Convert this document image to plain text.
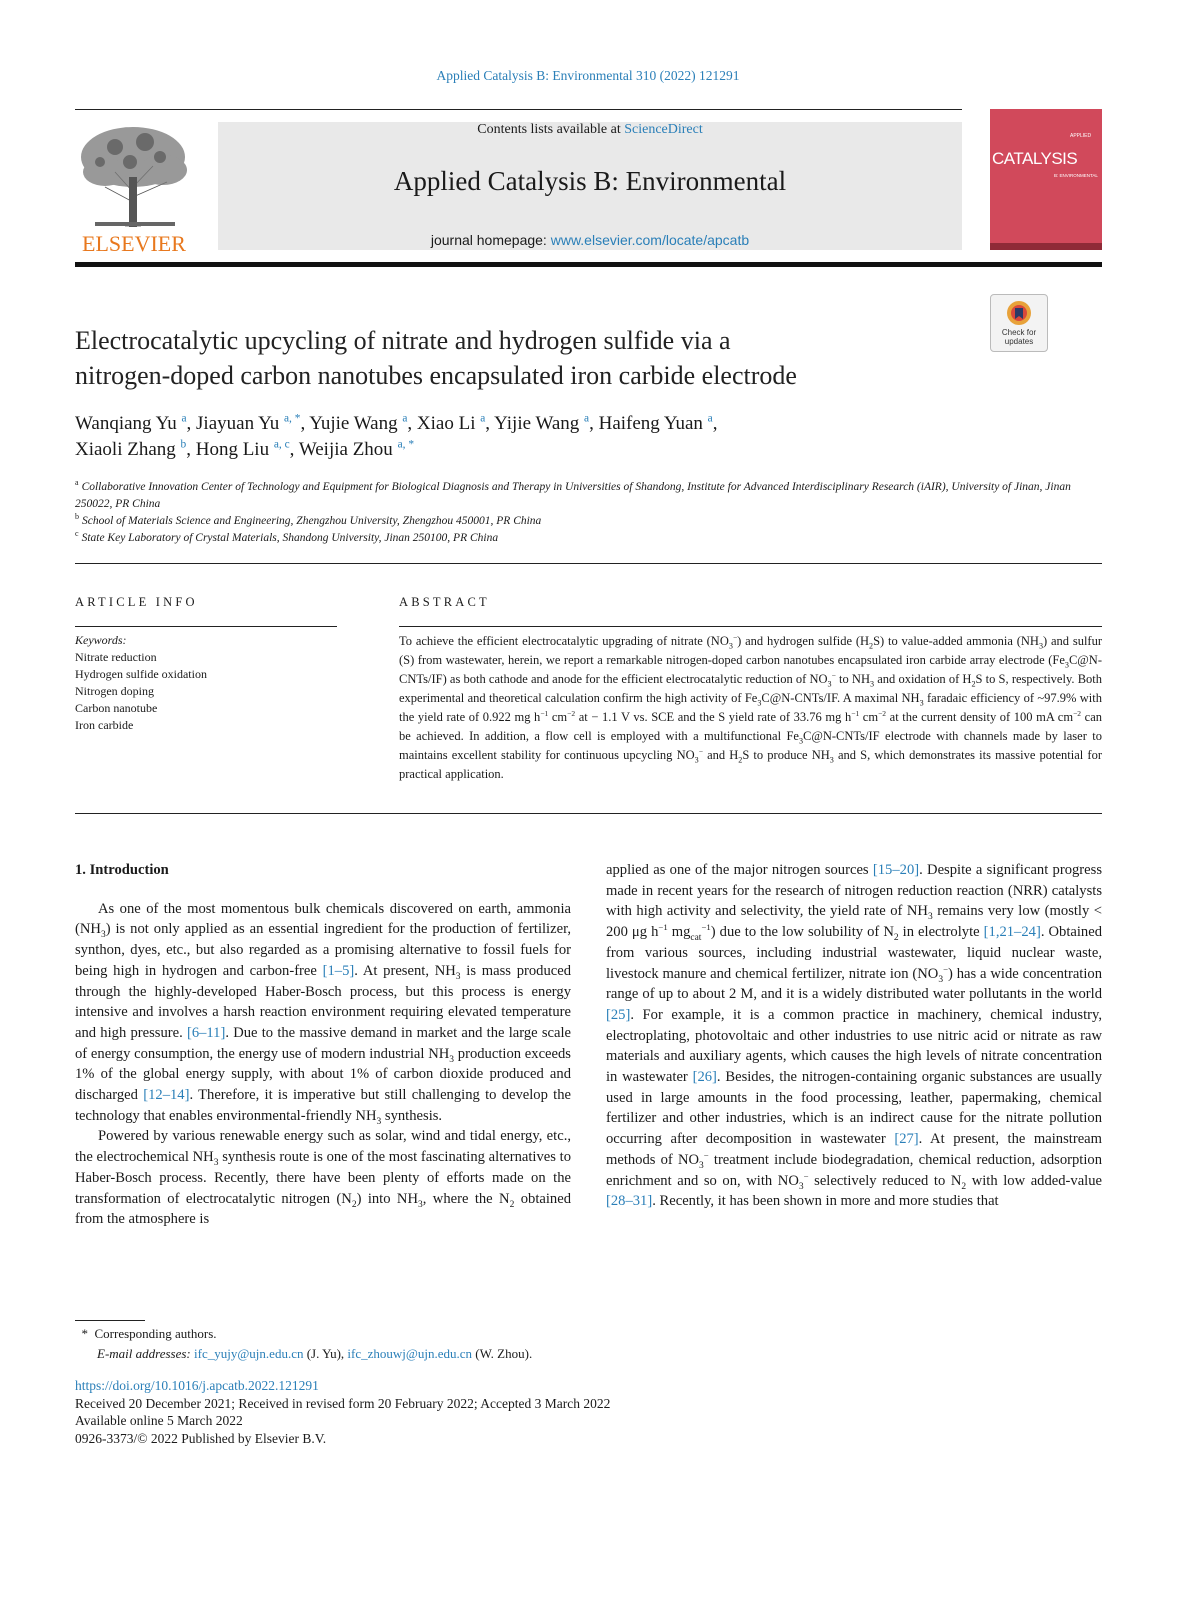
Applied Catalysis B: Environmental 310 (2022) 121291
ELSEVIER
Contents lists available at ScienceDirect
Applied Catalysis B: Environmental
journal homepage: www.elsevier.com/locate/apcatb
APPLIED
CATALYSIS
B: ENVIRONMENTAL
Check for
updates
Electrocatalytic upcycling of nitrate and hydrogen sulfide via a
nitrogen-doped carbon nanotubes encapsulated iron carbide electrode
Wanqiang Yu $^a$, Jiayuan Yu $^{a, *}$, Yujie Wang $^a$, Xiao Li $^a$, Yijie Wang $^a$, Haifeng Yuan $^a$,
Xiaoli Zhang $^b$, Hong Liu $^{a, c}$, Weijia Zhou $^{a, *}$
$^a$ Collaborative Innovation Center of Technology and Equipment for Biological Diagnosis and Therapy in Universities of Shandong, Institute for Advanced Interdisciplinary Research (iAIR), University of Jinan, Jinan 250022, PR China
$^b$ School of Materials Science and Engineering, Zhengzhou University, Zhengzhou 450001, PR China
$^c$ State Key Laboratory of Crystal Materials, Shandong University, Jinan 250100, PR China
ARTICLE INFO	ABSTRACT
Keywords:
Nitrate reduction
Hydrogen sulfide oxidation
Nitrogen doping
Carbon nanotube
Iron carbide
To achieve the efficient electrocatalytic upgrading of nitrate $(NO_3^-)$ and hydrogen sulfide $(H_2S)$ to value-added ammonia $(NH_3)$ and sulfur (S) from wastewater, herein, we report a remarkable nitrogen-doped carbon nanotubes encapsulated iron carbide array electrode $(Fe_3C@N-CNTs/IF)$ as both cathode and anode for the efficient electrocatalytic reduction of $NO_3^-$ to $NH_3$ and oxidation of $H_2S$ to S, respectively. Both experimental and theoretical calculation confirm the high activity of $Fe_3C@N-CNTs/IF$. A maximal $NH_3$ faradaic efficiency of ~97.9% with the yield rate of 0.922 mg $h^{-1}$ $cm^{-2}$ at − 1.1 V vs. SCE and the S yield rate of 33.76 mg $h^{-1}$ $cm^{-2}$ at the current density of 100 mA $cm^{-2}$ can be achieved. In addition, a flow cell is employed with a multifunctional $Fe_3C@N-CNTs/IF$ electrode with channels made by laser to maintains excellent stability for continuous upcycling $NO_3^-$ and $H_2S$ to produce $NH_3$ and S, which demonstrates its massive potential for practical application.
1. Introduction

As one of the most momentous bulk chemicals discovered on earth, ammonia $(NH_3)$ is not only applied as an essential ingredient for the production of fertilizer, synthon, dyes, etc., but also regarded as a promising alternative to fossil fuels for being high in hydrogen and carbon-free [1–5]. At present, $NH_3$ is mass produced through the highly-developed Haber-Bosch process, but this process is energy intensive and involves a harsh reaction environment requiring elevated temperature and high pressure. [6–11]. Due to the massive demand in market and the large scale of energy consumption, the energy use of modern industrial $NH_3$ production exceeds 1% of the global energy supply, with about 1% of carbon dioxide produced and discharged [12–14]. Therefore, it is imperative but still challenging to develop the technology that enables environmental-friendly $NH_3$ synthesis.

Powered by various renewable energy such as solar, wind and tidal energy, etc., the electrochemical $NH_3$ synthesis route is one of the most fascinating alternatives to Haber-Bosch process. Recently, there have been plenty of efforts made on the transformation of electrocatalytic nitrogen $(N_2)$ into $NH_3$, where the $N_2$ obtained from the atmosphere is

applied as one of the major nitrogen sources [15–20]. Despite a significant progress made in recent years for the research of nitrogen reduction reaction (NRR) catalysts with high activity and selectivity, the yield rate of $NH_3$ remains very low (mostly < 200 μg $h^{-1}$ $mg_{cat}^{-1}$) due to the low solubility of $N_2$ in electrolyte [1,21–24]. Obtained from various sources, including industrial wastewater, liquid nuclear waste, livestock manure and chemical fertilizer, nitrate ion $(NO_3^-)$ has a wide concentration range of up to about 2 M, and it is a widely distributed water pollutants in the world [25]. For example, it is a common practice in machinery, chemical industry, electroplating, photovoltaic and other industries to use nitric acid or nitrate as raw materials and auxiliary agents, which causes the high levels of nitrate concentration in wastewater [26]. Besides, the nitrogen-containing organic substances are usually used in large amounts in the food processing, leather, papermaking, chemical fertilizer and other industries, which is an indirect cause for the nitrate pollution occurring after decomposition in wastewater [27]. At present, the mainstream methods of $NO_3^-$ treatment include biodegradation, chemical reduction, adsorption enrichment and so on, with $NO_3^-$ selectively reduced to $N_2$ with low added-value [28–31]. Recently, it has been shown in more and more studies that

*  Corresponding authors.
E-mail addresses: ifc_yujy@ujn.edu.cn (J. Yu), ifc_zhouwj@ujn.edu.cn (W. Zhou).
https://doi.org/10.1016/j.apcatb.2022.121291
Received 20 December 2021; Received in revised form 20 February 2022; Accepted 3 March 2022
Available online 5 March 2022
0926-3373/© 2022 Published by Elsevier B.V.
